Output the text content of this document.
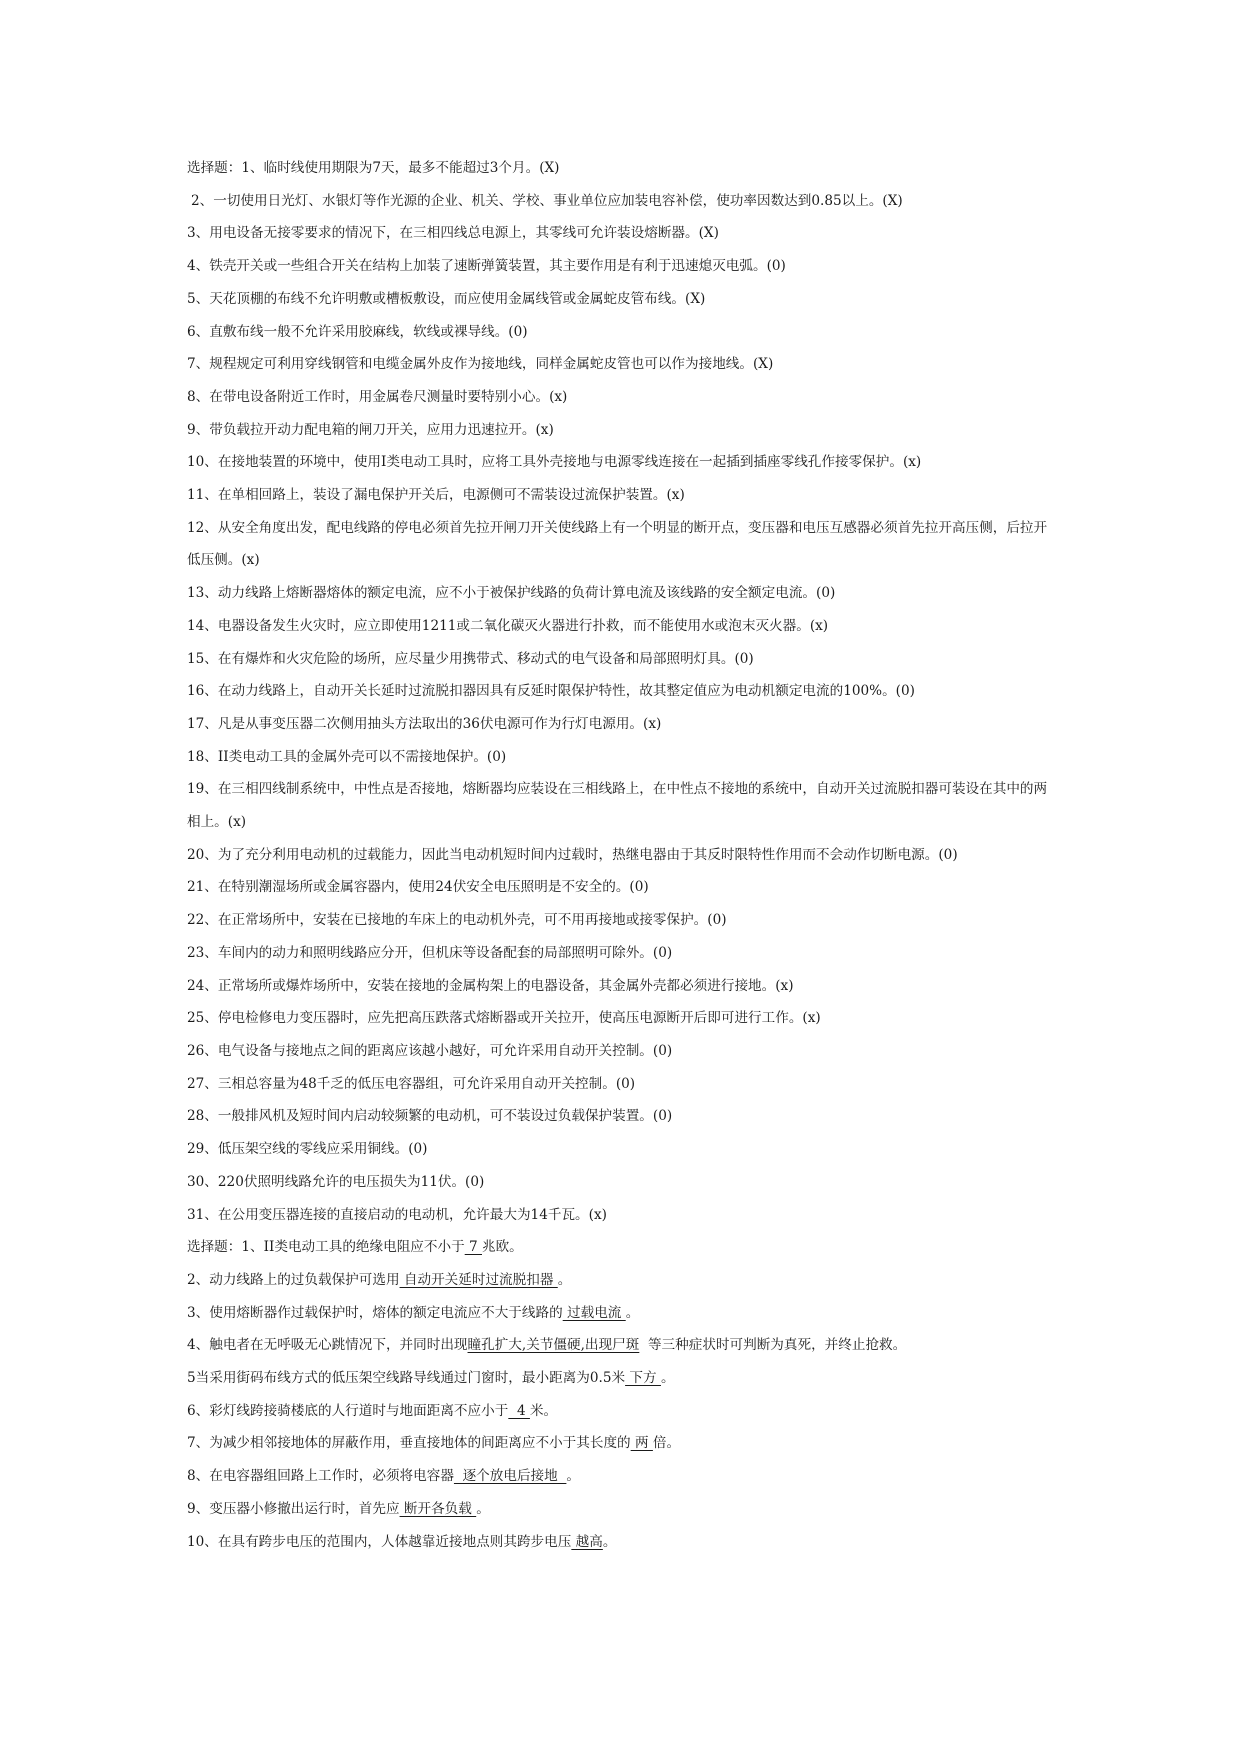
选择题：1、临时线使用期限为7天，最多不能超过3个月。(X)
2、一切使用日光灯、水银灯等作光源的企业、机关、学校、事业单位应加装电容补偿，使功率因数达到0.85以上。(X)
3、用电设备无接零要求的情况下，在三相四线总电源上，其零线可允许装设熔断器。(X)
4、铁壳开关或一些组合开关在结构上加装了速断弹簧装置，其主要作用是有利于迅速熄灭电弧。(0)
5、天花顶棚的布线不允许明敷或槽板敷设，而应使用金属线管或金属蛇皮管布线。(X)
6、直敷布线一般不允许采用胶麻线，软线或裸导线。(0)
7、规程规定可利用穿线钢管和电缆金属外皮作为接地线，同样金属蛇皮管也可以作为接地线。(X)
8、在带电设备附近工作时，用金属卷尺测量时要特别小心。(x)
9、带负载拉开动力配电箱的闸刀开关，应用力迅速拉开。(x)
10、在接地装置的环境中，使用I类电动工具时，应将工具外壳接地与电源零线连接在一起插到插座零线孔作接零保护。(x)
11、在单相回路上，装设了漏电保护开关后，电源侧可不需装设过流保护装置。(x)
12、从安全角度出发，配电线路的停电必须首先拉开闸刀开关使线路上有一个明显的断开点，变压器和电压互感器必须首先拉开高压侧，后拉开低压侧。(x)
13、动力线路上熔断器熔体的额定电流，应不小于被保护线路的负荷计算电流及该线路的安全额定电流。(0)
14、电器设备发生火灾时，应立即使用1211或二氧化碳灭火器进行扑救，而不能使用水或泡末灭火器。(x)
15、在有爆炸和火灾危险的场所，应尽量少用携带式、移动式的电气设备和局部照明灯具。(0)
16、在动力线路上，自动开关长延时过流脱扣器因具有反延时限保护特性，故其整定值应为电动机额定电流的100%。(0)
17、凡是从事变压器二次侧用抽头方法取出的36伏电源可作为行灯电源用。(x)
18、II类电动工具的金属外壳可以不需接地保护。(0)
19、在三相四线制系统中，中性点是否接地，熔断器均应装设在三相线路上，在中性点不接地的系统中，自动开关过流脱扣器可装设在其中的两相上。(x)
20、为了充分利用电动机的过载能力，因此当电动机短时间内过载时，热继电器由于其反时限特性作用而不会动作切断电源。(0)
21、在特别潮湿场所或金属容器内，使用24伏安全电压照明是不安全的。(0)
22、在正常场所中，安装在已接地的车床上的电动机外壳，可不用再接地或接零保护。(0)
23、车间内的动力和照明线路应分开，但机床等设备配套的局部照明可除外。(0)
24、正常场所或爆炸场所中，安装在接地的金属构架上的电器设备，其金属外壳都必须进行接地。(x)
25、停电检修电力变压器时，应先把高压跌落式熔断器或开关拉开，使高压电源断开后即可进行工作。(x)
26、电气设备与接地点之间的距离应该越小越好，可允许采用自动开关控制。(0)
27、三相总容量为48千乏的低压电容器组，可允许采用自动开关控制。(0)
28、一般排风机及短时间内启动较频繁的电动机，可不装设过负载保护装置。(0)
29、低压架空线的零线应采用铜线。(0)
30、220伏照明线路允许的电压损失为11伏。(0)
31、在公用变压器连接的直接启动的电动机，允许最大为14千瓦。(x)
选择题：1、II类电动工具的绝缘电阻应不小于 7 兆欧。
2、动力线路上的过负载保护可选用 自动开关延时过流脱扣器 。
3、使用熔断器作过载保护时，熔体的额定电流应不大于线路的 过载电流 。
4、触电者在无呼吸无心跳情况下，并同时出现瞳孔扩大,关节僵硬,出现尸斑  等三种症状时可判断为真死，并终止抢救。
5当采用街码布线方式的低压架空线路导线通过门窗时，最小距离为0.5米 下方 。
6、彩灯线跨接骑楼底的人行道时与地面距离不应小于  4 米。
7、为减少相邻接地体的屏蔽作用，垂直接地体的间距离应不小于其长度的 两 倍。
8、在电容器组回路上工作时，必须将电容器  逐个放电后接地  。
9、变压器小修撤出运行时，首先应 断开各负载 。
10、在具有跨步电压的范围内，人体越靠近接地点则其跨步电压 越高。
